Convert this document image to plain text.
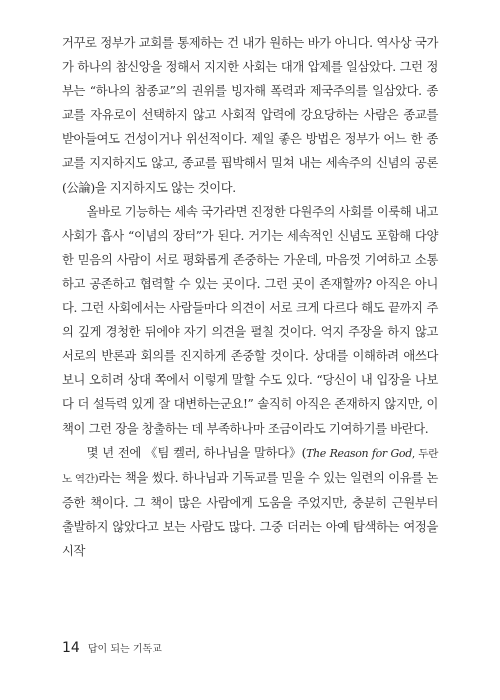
거꾸로 정부가 교회를 통제하는 건 내가 원하는 바가 아니다. 역사상 국가가 하나의 참신앙을 정해서 지지한 사회는 대개 압제를 일삼았다. 그런 정부는 “하나의 참종교”의 권위를 빙자해 폭력과 제국주의를 일삼았다. 종교를 자유로이 선택하지 않고 사회적 압력에 강요당하는 사람은 종교를 받아들여도 건성이거나 위선적이다. 제일 좋은 방법은 정부가 어느 한 종교를 지지하지도 않고, 종교를 핍박해서 밀쳐 내는 세속주의 신념의 공론(公論)을 지지하지도 않는 것이다.

올바로 기능하는 세속 국가라면 진정한 다원주의 사회를 이룩해 내고 사회가 흡사 “이념의 장터”가 된다. 거기는 세속적인 신념도 포함해 다양한 믿음의 사람이 서로 평화롭게 존중하는 가운데, 마음껏 기여하고 소통하고 공존하고 협력할 수 있는 곳이다. 그런 곳이 존재할까? 아직은 아니다. 그런 사회에서는 사람들마다 의견이 서로 크게 다르다 해도 끝까지 주의 깊게 경청한 뒤에야 자기 의견을 펼칠 것이다. 억지 주장을 하지 않고 서로의 반론과 회의를 진지하게 존중할 것이다. 상대를 이해하려 애쓰다 보니 오히려 상대 쪽에서 이렇게 말할 수도 있다. “당신이 내 입장을 나보다 더 설득력 있게 잘 대변하는군요!” 솔직히 아직은 존재하지 않지만, 이 책이 그런 장을 창출하는 데 부족하나마 조금이라도 기여하기를 바란다.

몇 년 전에 《팀 켈러, 하나님을 말하다》(The Reason for God, 두란노 역간)라는 책을 썼다. 하나님과 기독교를 믿을 수 있는 일련의 이유를 논증한 책이다. 그 책이 많은 사람에게 도움을 주었지만, 충분히 근원부터 출발하지 않았다고 보는 사람도 많다. 그중 더러는 아예 탐색하는 여정을 시작

14 답이 되는 기독교
